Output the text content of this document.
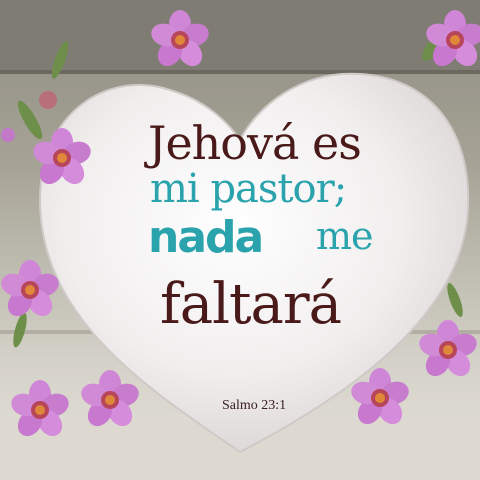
Jehová es
mi pastor;
nada me
faltará
Salmo 23:1
